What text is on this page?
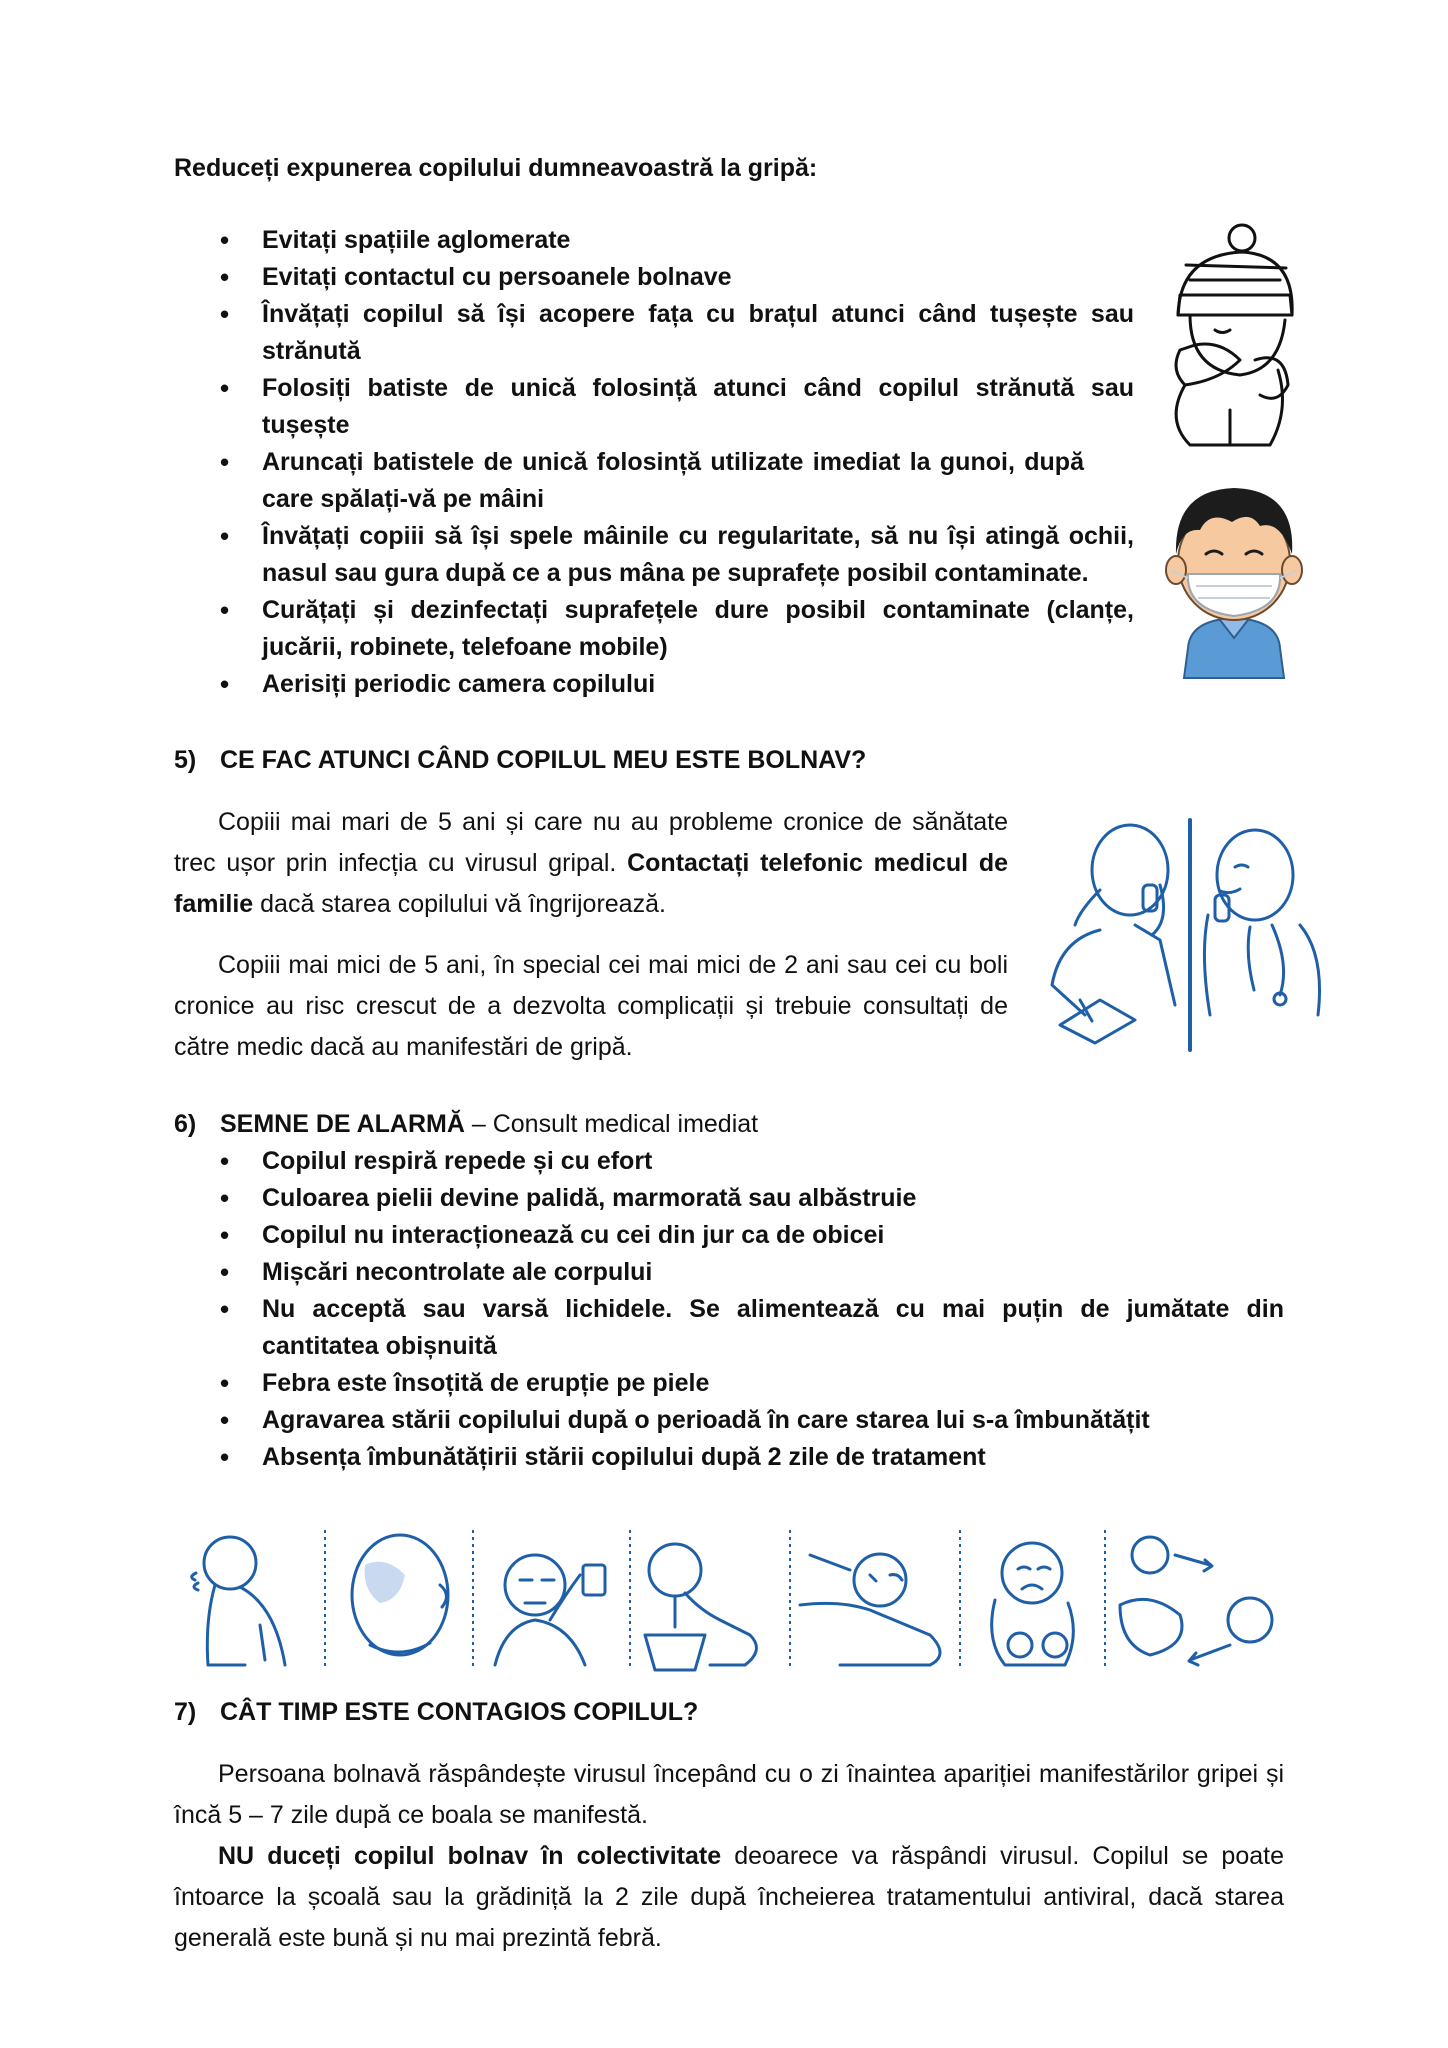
Reduceți expunerea copilului dumneavoastră la gripă:
• Evitați spațiile aglomerate
• Evitați contactul cu persoanele bolnave
• Învățați copilul să își acopere fața cu brațul atunci când tușește sau strănută
• Folosiți batiste de unică folosință atunci când copilul strănută sau tușește
• Aruncați batistele de unică folosință utilizate imediat la gunoi, după care spălați-vă pe mâini
• Învățați copiii să își spele mâinile cu regularitate, să nu își atingă ochii, nasul sau gura după ce a pus mâna pe suprafețe posibil contaminate.
• Curățați și dezinfectați suprafețele dure posibil contaminate (clanțe, jucării, robinete, telefoane mobile)
• Aerisiți periodic camera copilului
5) CE FAC ATUNCI CÂND COPILUL MEU ESTE BOLNAV?

Copiii mai mari de 5 ani și care nu au probleme cronice de sănătate trec ușor prin infecția cu virusul gripal. Contactați telefonic medicul de familie dacă starea copilului vă îngrijorează.

Copiii mai mici de 5 ani, în special cei mai mici de 2 ani sau cei cu boli cronice au risc crescut de a dezvolta complicații și trebuie consultați de către medic dacă au manifestări de gripă.

6) SEMNE DE ALARMĂ – Consult medical imediat
• Copilul respiră repede și cu efort
• Culoarea pielii devine palidă, marmorată sau albăstruie
• Copilul nu interacționează cu cei din jur ca de obicei
• Mișcări necontrolate ale corpului
• Nu acceptă sau varsă lichidele. Se alimentează cu mai puțin de jumătate din cantitatea obișnuită
• Febra este însoțită de erupție pe piele
• Agravarea stării copilului după o perioadă în care starea lui s-a îmbunătățit
• Absența îmbunătățirii stării copilului după 2 zile de tratament
7) CÂT TIMP ESTE CONTAGIOS COPILUL?

Persoana bolnavă răspândește virusul începând cu o zi înaintea apariției manifestărilor gripei și încă 5 – 7 zile după ce boala se manifestă.

NU duceți copilul bolnav în colectivitate deoarece va răspândi virusul. Copilul se poate întoarce la școală sau la grădiniță la 2 zile după încheierea tratamentului antiviral, dacă starea generală este bună și nu mai prezintă febră.
